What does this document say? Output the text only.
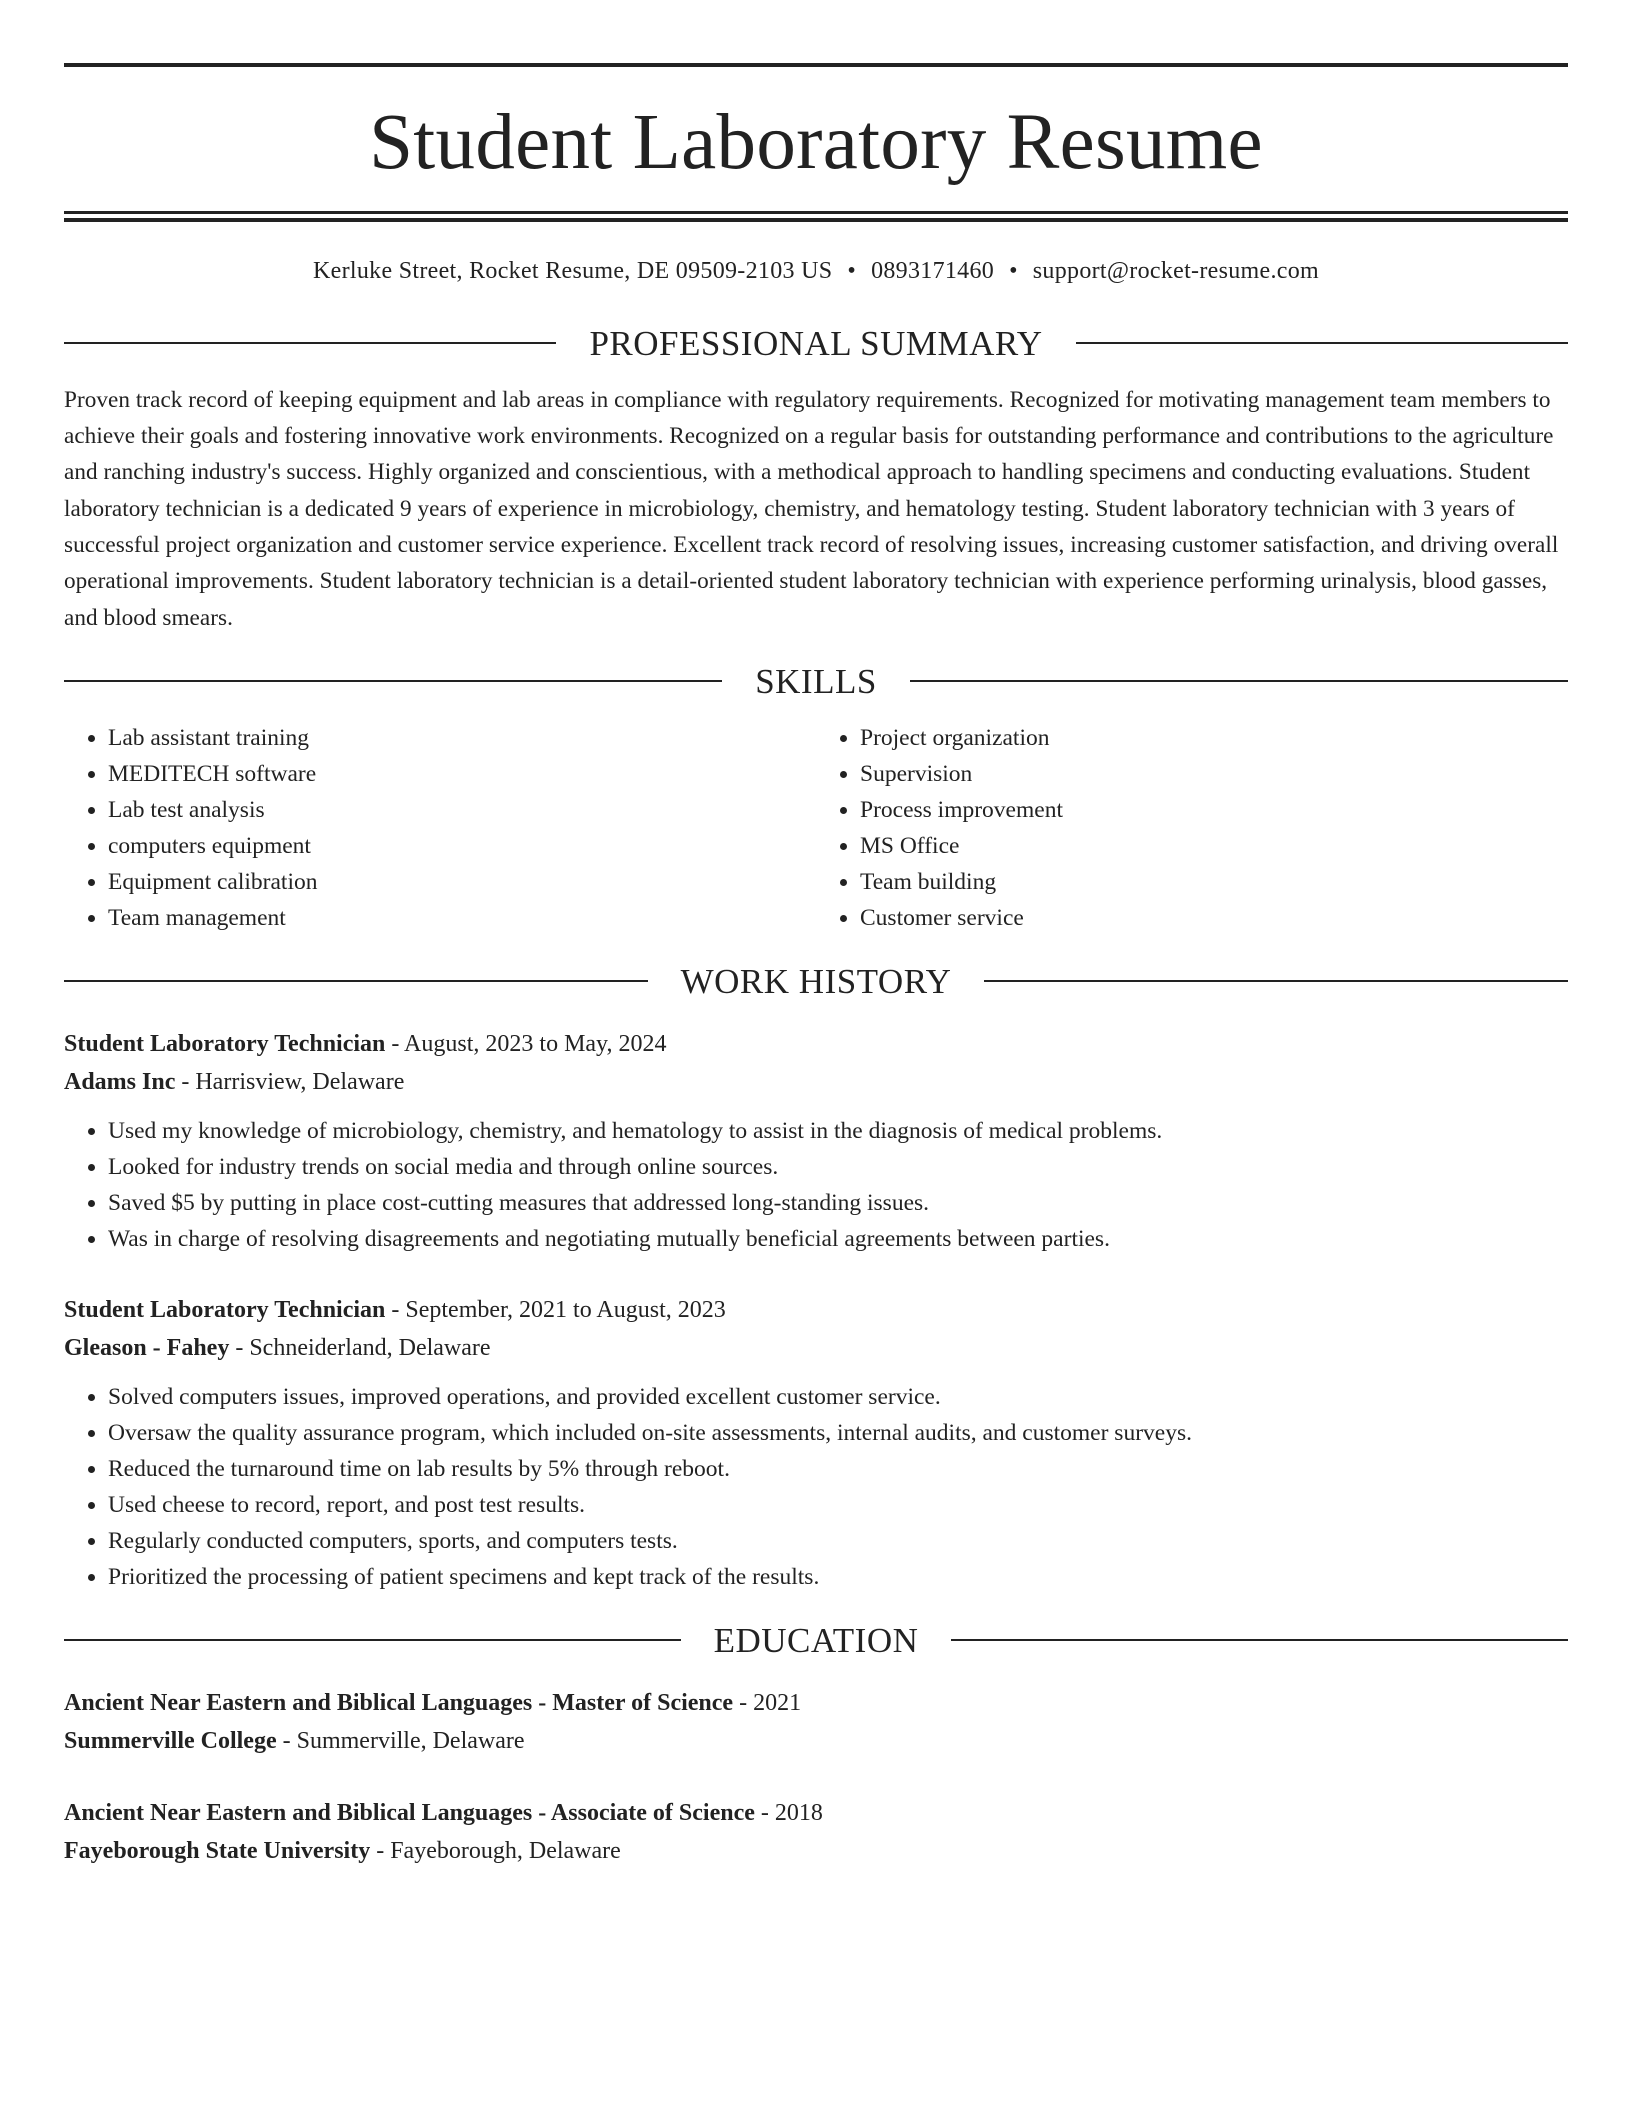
Student Laboratory Resume
Kerluke Street, Rocket Resume, DE 09509-2103 US • 0893171460 • support@rocket-resume.com
PROFESSIONAL SUMMARY
Proven track record of keeping equipment and lab areas in compliance with regulatory requirements. Recognized for motivating management team members to achieve their goals and fostering innovative work environments. Recognized on a regular basis for outstanding performance and contributions to the agriculture and ranching industry's success. Highly organized and conscientious, with a methodical approach to handling specimens and conducting evaluations. Student laboratory technician is a dedicated 9 years of experience in microbiology, chemistry, and hematology testing. Student laboratory technician with 3 years of successful project organization and customer service experience. Excellent track record of resolving issues, increasing customer satisfaction, and driving overall operational improvements. Student laboratory technician is a detail-oriented student laboratory technician with experience performing urinalysis, blood gasses, and blood smears.
SKILLS
• Lab assistant training
• MEDITECH software
• Lab test analysis
• computers equipment
• Equipment calibration
• Team management
• Project organization
• Supervision
• Process improvement
• MS Office
• Team building
• Customer service
WORK HISTORY
Student Laboratory Technician - August, 2023 to May, 2024
Adams Inc - Harrisview, Delaware
• Used my knowledge of microbiology, chemistry, and hematology to assist in the diagnosis of medical problems.
• Looked for industry trends on social media and through online sources.
• Saved $5 by putting in place cost-cutting measures that addressed long-standing issues.
• Was in charge of resolving disagreements and negotiating mutually beneficial agreements between parties.
Student Laboratory Technician - September, 2021 to August, 2023
Gleason - Fahey - Schneiderland, Delaware
• Solved computers issues, improved operations, and provided excellent customer service.
• Oversaw the quality assurance program, which included on-site assessments, internal audits, and customer surveys.
• Reduced the turnaround time on lab results by 5% through reboot.
• Used cheese to record, report, and post test results.
• Regularly conducted computers, sports, and computers tests.
• Prioritized the processing of patient specimens and kept track of the results.
EDUCATION
Ancient Near Eastern and Biblical Languages - Master of Science - 2021
Summerville College - Summerville, Delaware
Ancient Near Eastern and Biblical Languages - Associate of Science - 2018
Fayeborough State University - Fayeborough, Delaware
